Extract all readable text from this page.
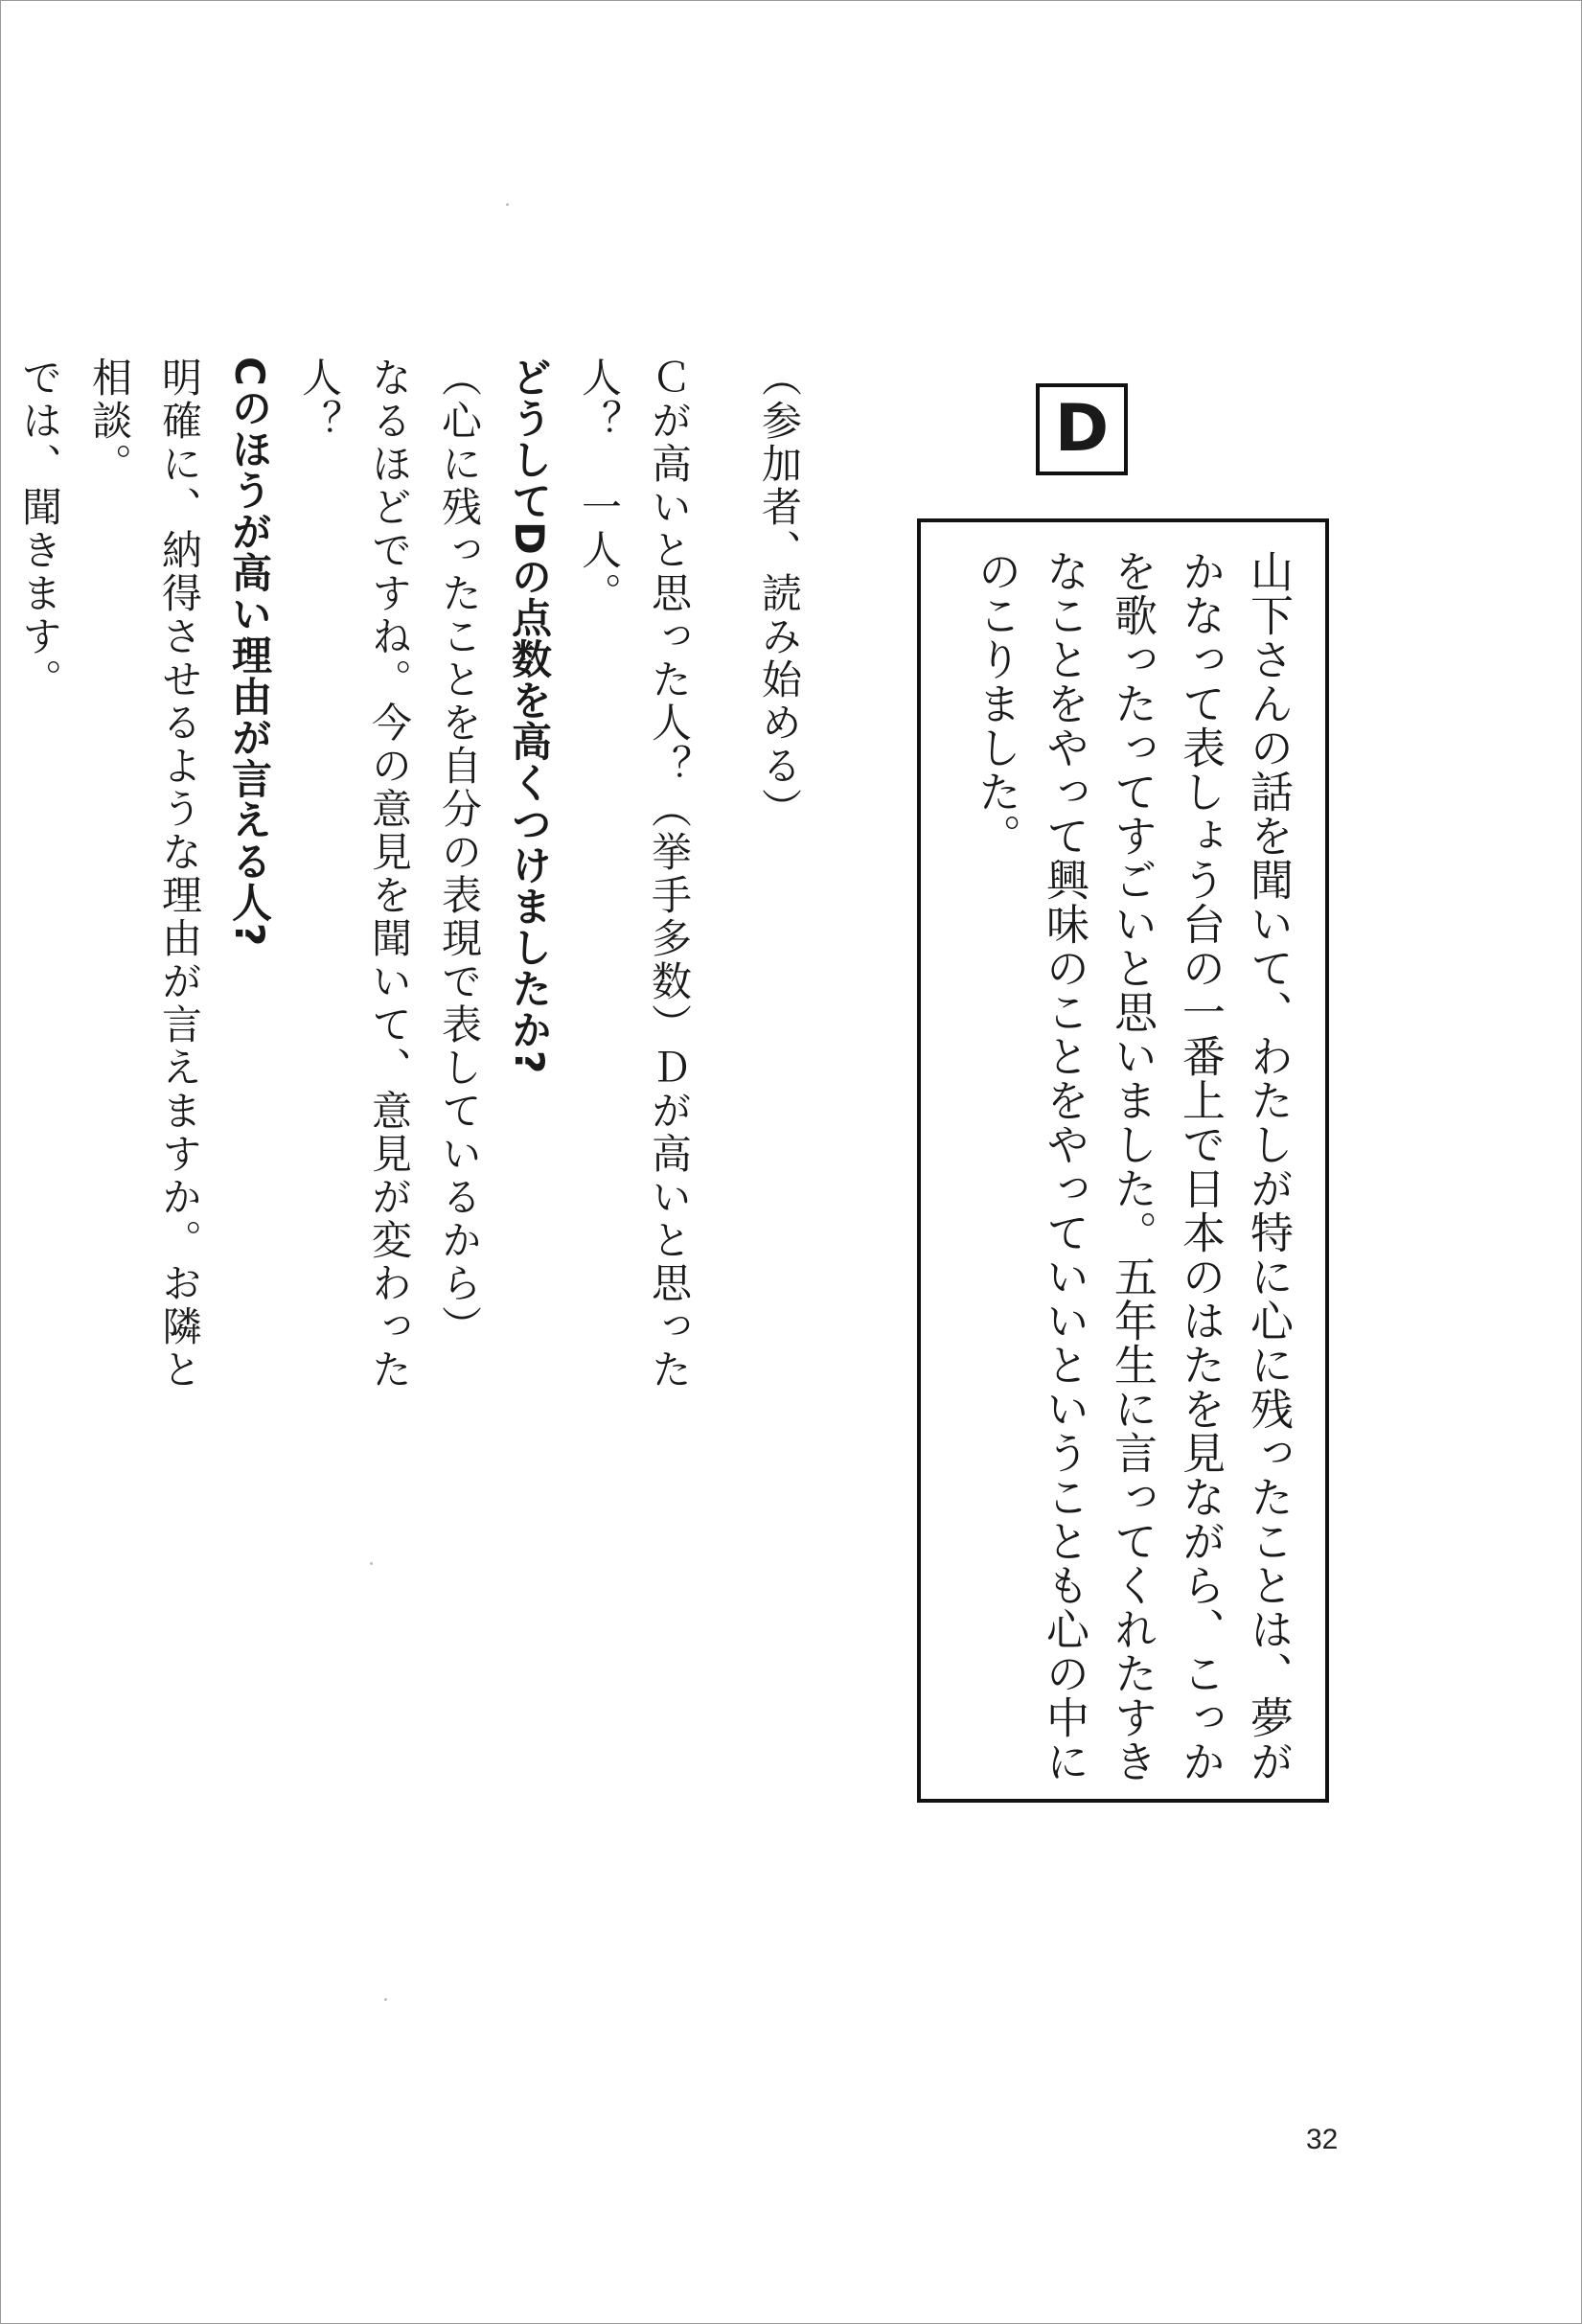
D
山下さんの話を聞いて、わたしが特に心に残ったことは、夢がかなって表しょう台の一番上で日本のはたを見ながら、こっかを歌ったってすごいと思いました。五年生に言ってくれたすきなことをやって興味のことをやっていいということも心の中にのこりました。
（参加者、読み始める）
Ｃが高いと思った人？（挙手多数）Ｄが高いと思った人？　一人。
どうしてDの点数を高くつけましたか?
（心に残ったことを自分の表現で表しているから）
なるほどですね。今の意見を聞いて、意見が変わった人？
Cのほうが高い理由が言える人?
明確に、納得させるような理由が言えますか。お隣と相談。
では、聞きます。
32
